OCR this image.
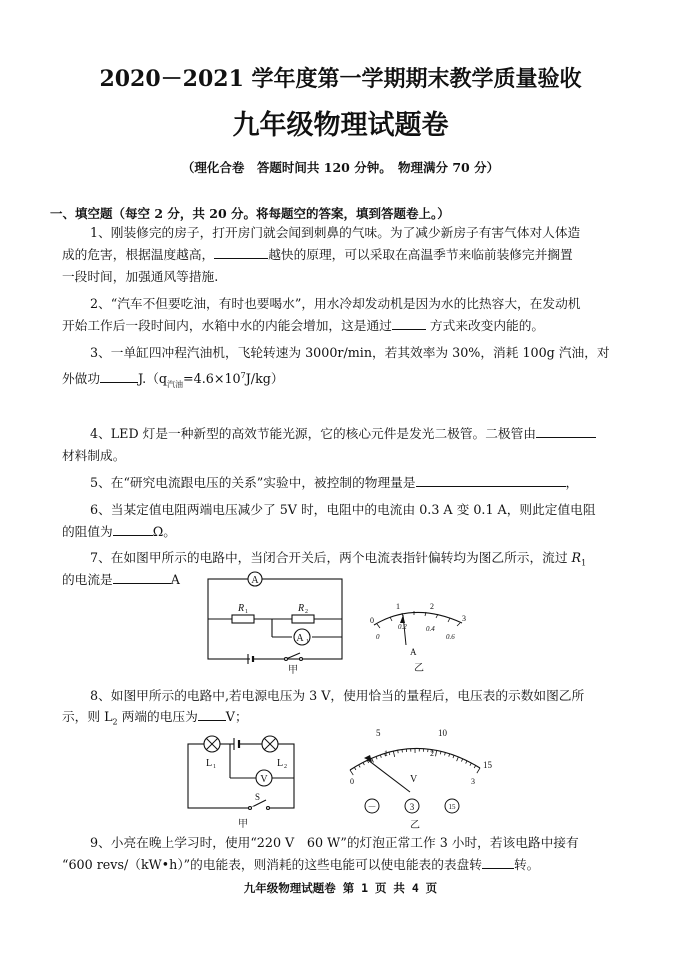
2020－2021 学年度第一学期期末教学质量验收
九年级物理试题卷
（理化合卷　答题时间共 120 分钟。　物理满分 70 分）
一、填空题（每空 2 分，共 20 分。将每题空的答案，填到答题卷上。）
1、刚装修完的房子，打开房门就会闻到刺鼻的气味。为了减少新房子有害气体对人体造
成的危害，根据温度越高，	越快的原理，可以采取在高温季节来临前装修完并搁置
一段时间，加强通风等措施.
2、“汽车不但要吃油，有时也要喝水”，用水冷却发动机是因为水的比热容大，在发动机
开始工作后一段时间内，水箱中水的内能会增加，这是通过	方式来改变内能的。
3、一单缸四冲程汽油机，飞轮转速为 3000r/min，若其效率为 30%，消耗 100g 汽油，对
外做功	$J.(q_{汽油}=4.6\times 10^7J/kg)$
4、LED 灯是一种新型的高效节能光源，它的核心元件是发光二极管。二极管由
材料制成。
5、在“研究电流跟电压的关系”实验中，被控制的物理量是	，
6、当某定值电阻两端电压减少了 5V 时，电阻中的电流由 0.3 A 变 0.1 A，则此定值电阻
的阻值为	Ω。
7、在如图甲所示的电路中，当闭合开关后，两个电流表指针偏转均为图乙所示，流过 $R_1$
的电流是	A	A
A 1
R 1	R 2
甲
0
1	2
3
0
0.2	0.4
0.6
A
乙
8、如图甲所示的电路中,若电源电压为 3 V，使用恰当的量程后，电压表的示数如图乙所
示，则 $L_2$ 两端的电压为 V；
L 1	L 2
V
S
甲
5	10
15
0
1	2
3
V
－	3	15
乙
9、小亮在晚上学习时，使用“220 V　60 W”的灯泡正常工作 3 小时，若该电路中接有
“600 revs/（kW•h）”的电能表，则消耗的这些电能可以使电能表的表盘转	转。
九年级物理试题卷 第 1 页 共 4 页
